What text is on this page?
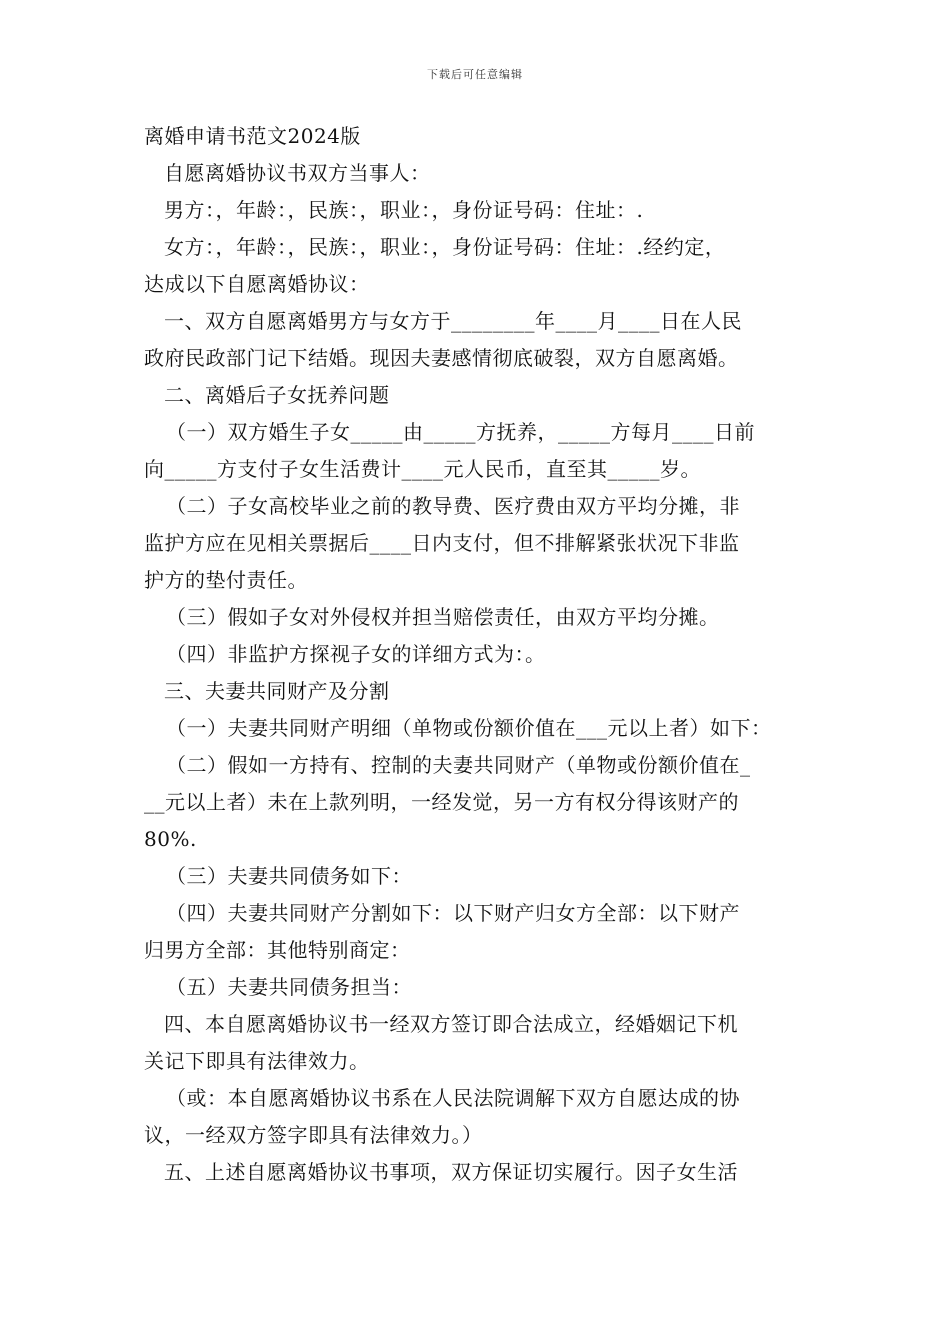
下载后可任意编辑
离婚申请书范文2024版
自愿离婚协议书双方当事人：
男方：，年龄：，民族：，职业：，身份证号码：住址：.
女方：，年龄：，民族：，职业：，身份证号码：住址：.经约定，
达成以下自愿离婚协议：
一、双方自愿离婚男方与女方于________年____月____日在人民
政府民政部门记下结婚。现因夫妻感情彻底破裂，双方自愿离婚。
二、离婚后子女抚养问题
（一）双方婚生子女_____由_____方抚养，_____方每月____日前
向_____方支付子女生活费计____元人民币，直至其_____岁。
（二）子女高校毕业之前的教导费、医疗费由双方平均分摊，非
监护方应在见相关票据后____日内支付，但不排解紧张状况下非监
护方的垫付责任。
（三）假如子女对外侵权并担当赔偿责任，由双方平均分摊。
（四）非监护方探视子女的详细方式为：。
三、夫妻共同财产及分割
（一）夫妻共同财产明细（单物或份额价值在___元以上者）如下：
（二）假如一方持有、控制的夫妻共同财产（单物或份额价值在_
__元以上者）未在上款列明，一经发觉，另一方有权分得该财产的
80%.
（三）夫妻共同债务如下：
（四）夫妻共同财产分割如下：以下财产归女方全部：以下财产
归男方全部：其他特别商定：
（五）夫妻共同债务担当：
四、本自愿离婚协议书一经双方签订即合法成立，经婚姻记下机
关记下即具有法律效力。
（或：本自愿离婚协议书系在人民法院调解下双方自愿达成的协
议，一经双方签字即具有法律效力。）
五、上述自愿离婚协议书事项，双方保证切实履行。因子女生活
